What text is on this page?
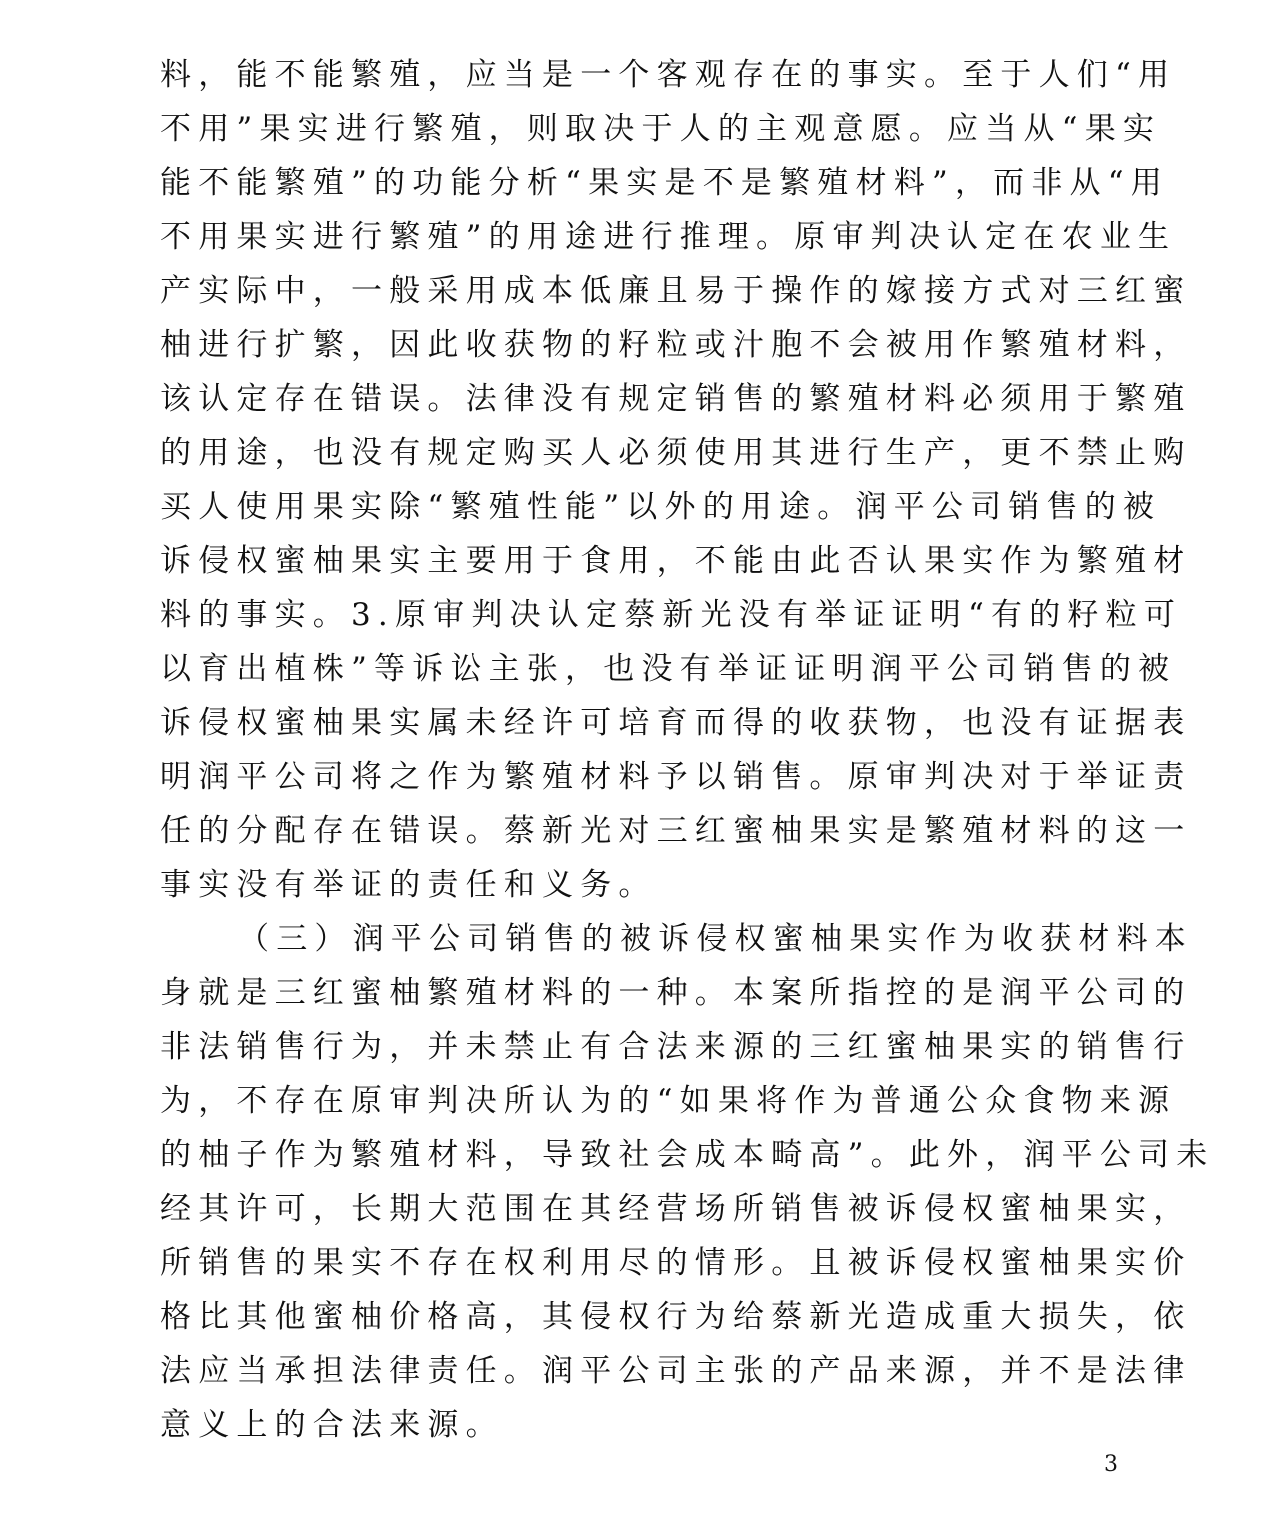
料，能不能繁殖，应当是一个客观存在的事实。至于人们“用
不用”果实进行繁殖，则取决于人的主观意愿。应当从“果实
能不能繁殖”的功能分析“果实是不是繁殖材料”，而非从“用
不用果实进行繁殖”的用途进行推理。原审判决认定在农业生
产实际中，一般采用成本低廉且易于操作的嫁接方式对三红蜜
柚进行扩繁，因此收获物的籽粒或汁胞不会被用作繁殖材料，
该认定存在错误。法律没有规定销售的繁殖材料必须用于繁殖
的用途，也没有规定购买人必须使用其进行生产，更不禁止购
买人使用果实除“繁殖性能”以外的用途。润平公司销售的被
诉侵权蜜柚果实主要用于食用，不能由此否认果实作为繁殖材
料的事实。3.原审判决认定蔡新光没有举证证明“有的籽粒可
以育出植株”等诉讼主张，也没有举证证明润平公司销售的被
诉侵权蜜柚果实属未经许可培育而得的收获物，也没有证据表
明润平公司将之作为繁殖材料予以销售。原审判决对于举证责
任的分配存在错误。蔡新光对三红蜜柚果实是繁殖材料的这一
事实没有举证的责任和义务。

（三）润平公司销售的被诉侵权蜜柚果实作为收获材料本
身就是三红蜜柚繁殖材料的一种。本案所指控的是润平公司的
非法销售行为，并未禁止有合法来源的三红蜜柚果实的销售行
为，不存在原审判决所认为的“如果将作为普通公众食物来源
的柚子作为繁殖材料，导致社会成本畸高”。此外，润平公司未
经其许可，长期大范围在其经营场所销售被诉侵权蜜柚果实，
所销售的果实不存在权利用尽的情形。且被诉侵权蜜柚果实价
格比其他蜜柚价格高，其侵权行为给蔡新光造成重大损失，依
法应当承担法律责任。润平公司主张的产品来源，并不是法律
意义上的合法来源。

3
